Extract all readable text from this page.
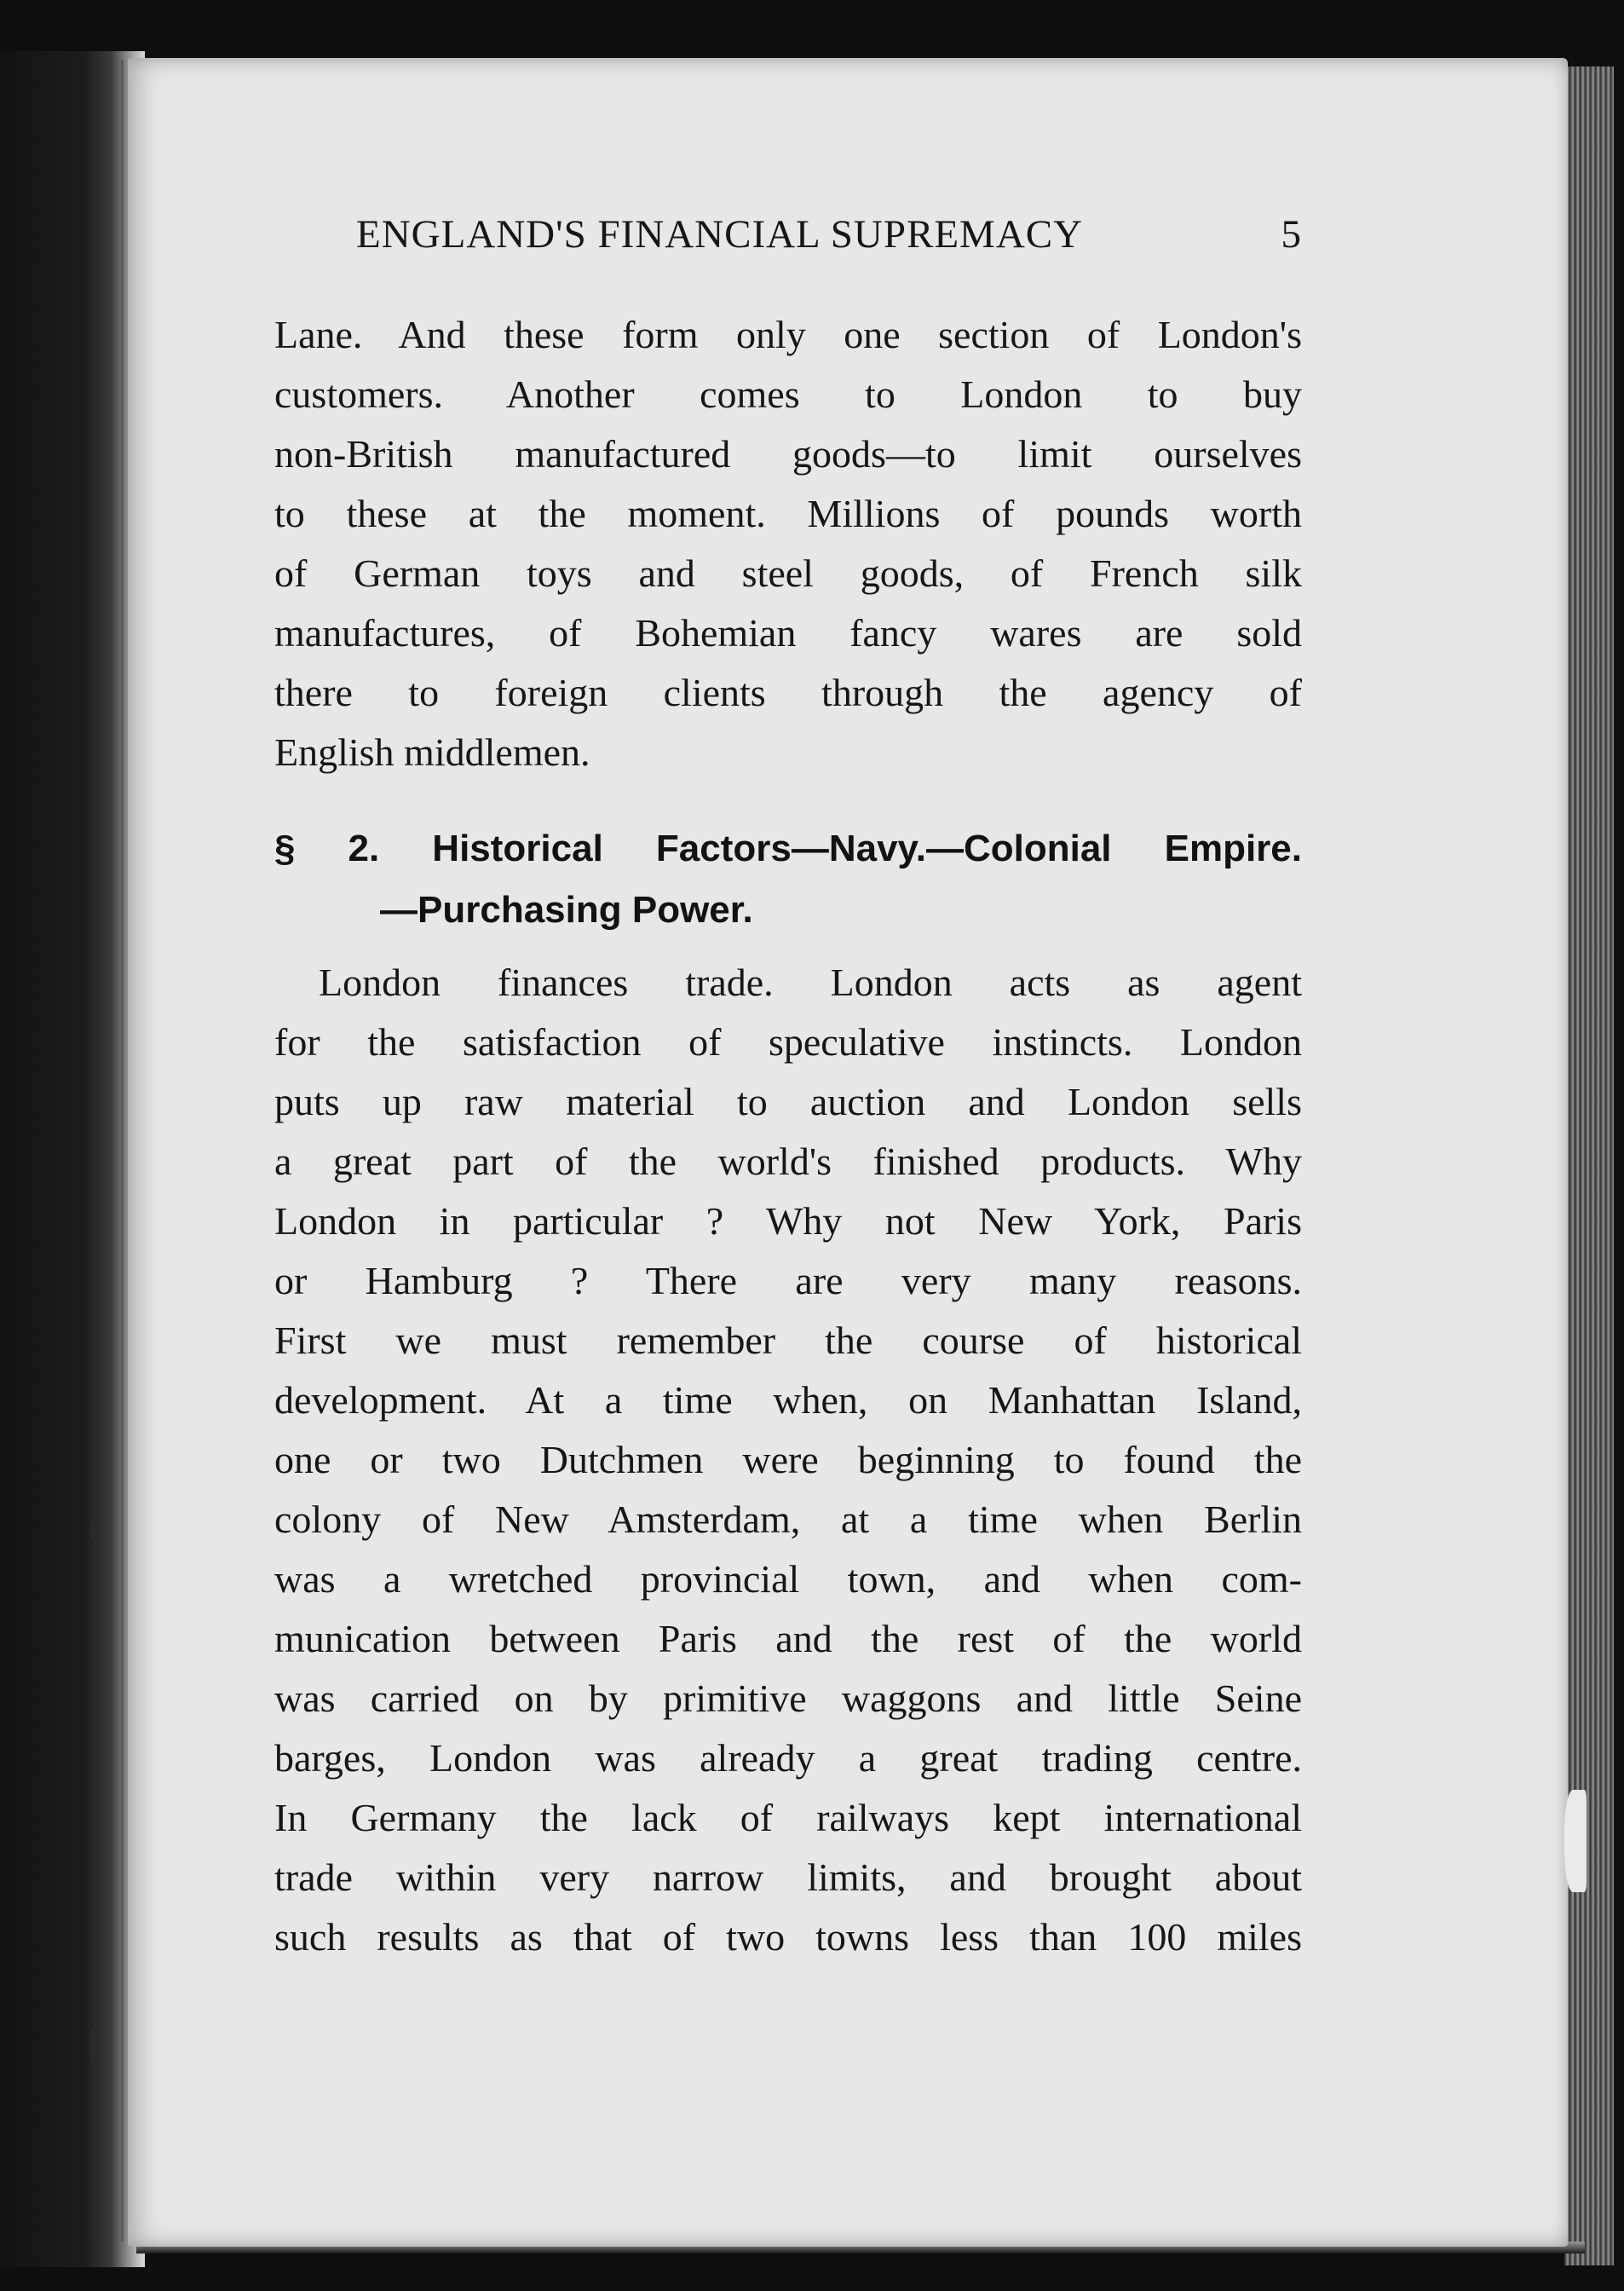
ENGLAND'S FINANCIAL SUPREMACY	5
Lane. And these form only one section of London's
customers. Another comes to London to buy
non-British manufactured goods—to limit ourselves
to these at the moment. Millions of pounds worth
of German toys and steel goods, of French silk
manufactures, of Bohemian fancy wares are sold
there to foreign clients through the agency of
English middlemen.
§ 2. Historical Factors—Navy.—Colonial Empire.
—Purchasing Power.
London finances trade. London acts as agent
for the satisfaction of speculative instincts. London
puts up raw material to auction and London sells
a great part of the world's finished products. Why
London in particular ? Why not New York, Paris
or Hamburg ? There are very many reasons.
First we must remember the course of historical
development. At a time when, on Manhattan Island,
one or two Dutchmen were beginning to found the
colony of New Amsterdam, at a time when Berlin
was a wretched provincial town, and when com-
munication between Paris and the rest of the world
was carried on by primitive waggons and little Seine
barges, London was already a great trading centre.
In Germany the lack of railways kept international
trade within very narrow limits, and brought about
such results as that of two towns less than 100 miles
